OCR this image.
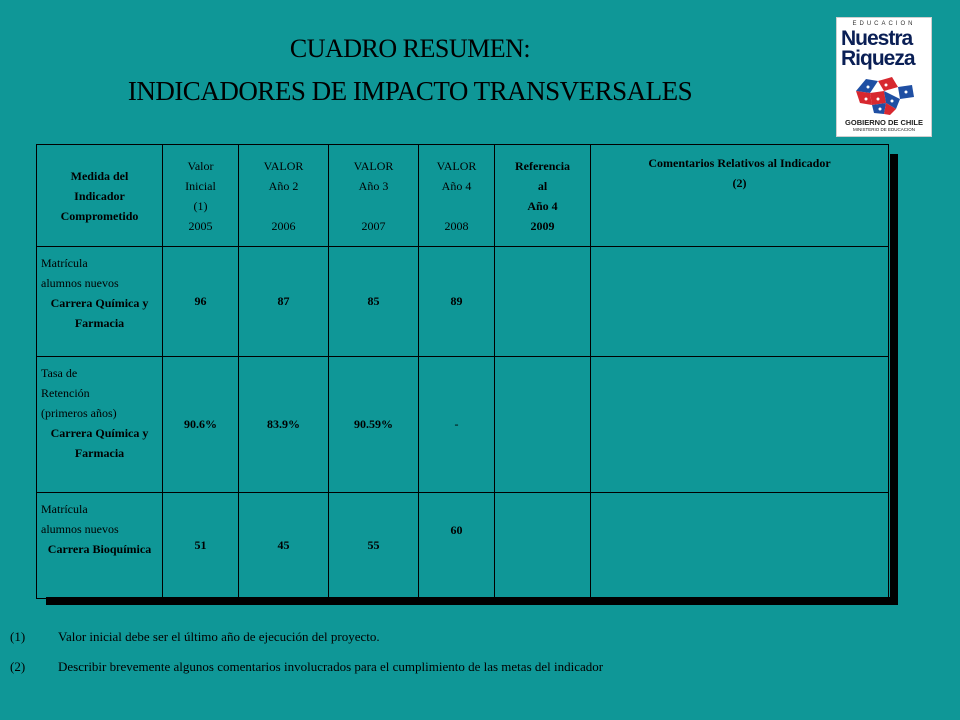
CUADRO RESUMEN:
INDICADORES DE IMPACTO TRANSVERSALES
EDUCACION
Nuestra
Riqueza
GOBIERNO DE CHILE
MINISTERIO DE EDUCACION
Medida del
Indicador
Comprometido	Valor
Inicial
(1)
2005	VALOR
Año 2

2006	VALOR
Año 3

2007	VALOR
Año 4

2008	Referencia
al
Año 4
2009	Comentarios Relativos al Indicador
(2)

Matrícula
alumnos nuevos
Carrera Química y Farmacia	96	87	85	89		

Tasa de
Retención
(primeros años)
Carrera Química y Farmacia	90.6%	83.9%	90.59%	-		

Matrícula
alumnos nuevos
Carrera Bioquímica	51	45	55	60		
(1)	Valor inicial debe ser el último año de ejecución del proyecto.
(2)	Describir brevemente algunos comentarios involucrados para el cumplimiento de las metas del indicador
